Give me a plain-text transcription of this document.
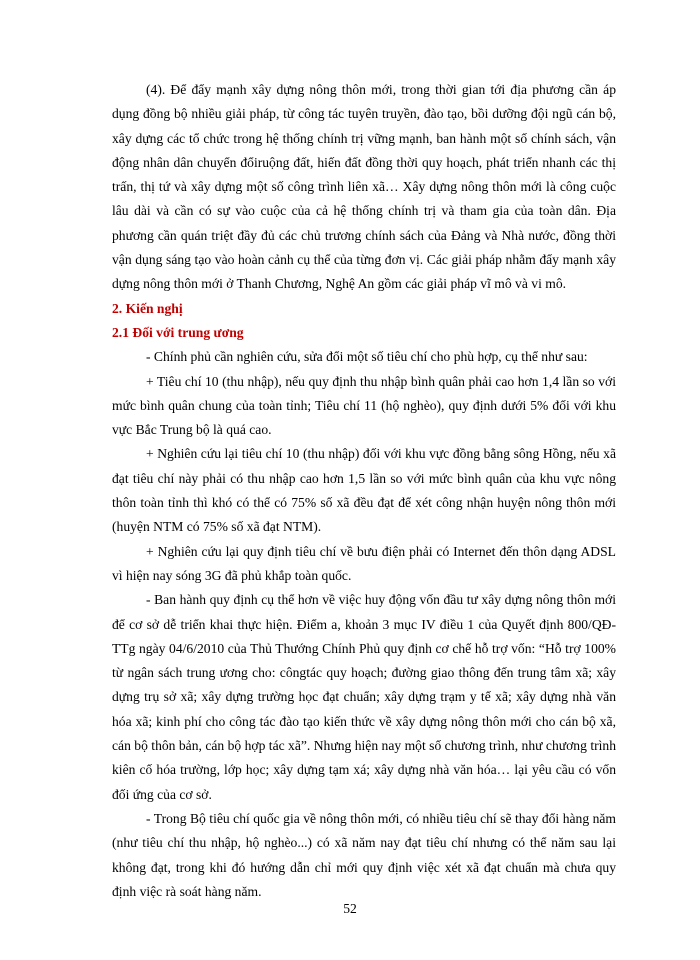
(4). Để đẩy mạnh xây dựng nông thôn mới, trong thời gian tới địa phương cần áp dụng đồng bộ nhiều giải pháp, từ công tác tuyên truyền, đào tạo, bồi dưỡng đội ngũ cán bộ, xây dựng các tổ chức trong hệ thống chính trị vững mạnh, ban hành một số chính sách, vận động nhân dân chuyển đổiruộng đất, hiến đất đồng thời quy hoạch, phát triển nhanh các thị trấn, thị tứ và xây dựng một số công trình liên xã… Xây dựng nông thôn mới là công cuộc lâu dài và cần có sự vào cuộc của cả hệ thống chính trị và tham gia của toàn dân. Địa phương cần quán triệt đầy đủ các chủ trương chính sách của Đảng và Nhà nước, đồng thời vận dụng sáng tạo vào hoàn cảnh cụ thể của từng đơn vị. Các giải pháp nhằm đẩy mạnh xây dựng nông thôn mới ở Thanh Chương, Nghệ An gồm các giải pháp vĩ mô và vi mô.

2. Kiến nghị
2.1 Đối với trung ương

- Chính phủ cần nghiên cứu, sửa đổi một số tiêu chí cho phù hợp, cụ thể như sau:

+ Tiêu chí 10 (thu nhập), nếu quy định thu nhập bình quân phải cao hơn 1,4 lần so với mức bình quân chung của toàn tỉnh; Tiêu chí 11 (hộ nghèo), quy định dưới 5% đối với khu vực Bắc Trung bộ là quá cao.

+ Nghiên cứu lại tiêu chí 10 (thu nhập) đối với khu vực đồng bằng sông Hồng, nếu xã đạt tiêu chí này phải có thu nhập cao hơn 1,5 lần so với mức bình quân của khu vực nông thôn toàn tỉnh thì khó có thể có 75% số xã đều đạt để xét công nhận huyện nông thôn mới (huyện NTM có 75% số xã đạt NTM).

+ Nghiên cứu lại quy định tiêu chí về bưu điện phải có Internet đến thôn dạng ADSL vì hiện nay sóng 3G đã phủ khắp toàn quốc.

- Ban hành quy định cụ thể hơn về việc huy động vốn đầu tư xây dựng nông thôn mới để cơ sở dễ triển khai thực hiện. Điểm a, khoản 3 mục IV điều 1 của Quyết định 800/QĐ-TTg ngày 04/6/2010 của Thủ Thướng Chính Phủ quy định cơ chế hỗ trợ vốn: “Hỗ trợ 100% từ ngân sách trung ương cho: côngtác quy hoạch; đường giao thông đến trung tâm xã; xây dựng trụ sở xã; xây dựng trường học đạt chuẩn; xây dựng trạm y tế xã; xây dựng nhà văn hóa xã; kinh phí cho công tác đào tạo kiến thức về xây dựng nông thôn mới cho cán bộ xã, cán bộ thôn bản, cán bộ hợp tác xã”. Nhưng hiện nay một số chương trình, như chương trình kiên cố hóa trường, lớp học; xây dựng tạm xá; xây dựng nhà văn hóa… lại yêu cầu có vốn đối ứng của cơ sở.

- Trong Bộ tiêu chí quốc gia về nông thôn mới, có nhiều tiêu chí sẽ thay đổi hàng năm (như tiêu chí thu nhập, hộ nghèo...) có xã năm nay đạt tiêu chí nhưng có thể năm sau lại không đạt, trong khi đó hướng dẫn chỉ mới quy định việc xét xã đạt chuẩn mà chưa quy định việc rà soát hàng năm.

52
